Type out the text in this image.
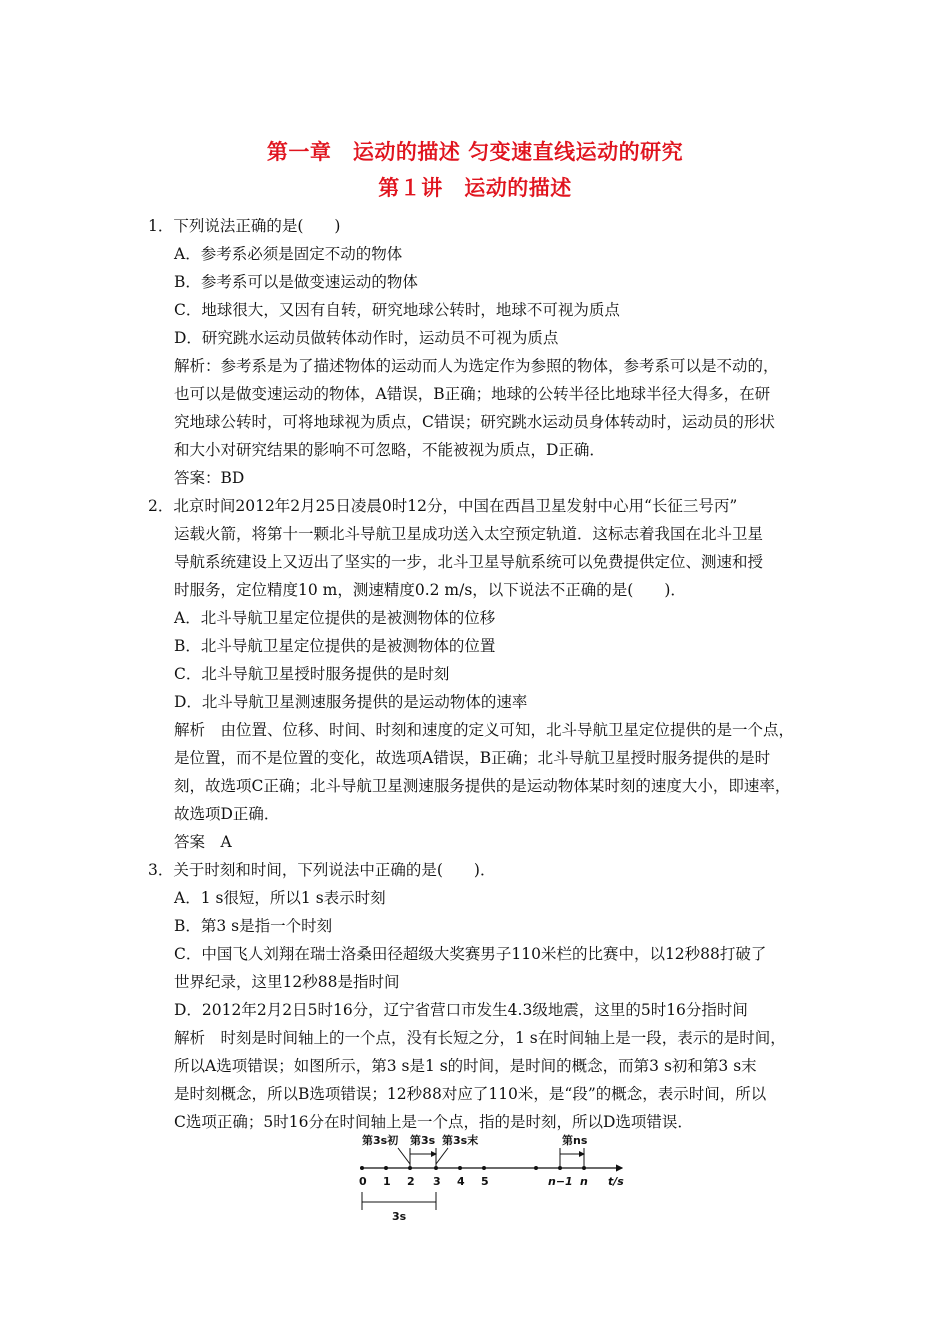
第一章　运动的描述 匀变速直线运动的研究
第１讲　运动的描述
1．下列说法正确的是(　　)
A．参考系必须是固定不动的物体
B．参考系可以是做变速运动的物体
C．地球很大，又因有自转，研究地球公转时，地球不可视为质点
D．研究跳水运动员做转体动作时，运动员不可视为质点
解析：参考系是为了描述物体的运动而人为选定作为参照的物体，参考系可以是不动的，
也可以是做变速运动的物体，A错误，B正确；地球的公转半径比地球半径大得多，在研
究地球公转时，可将地球视为质点，C错误；研究跳水运动员身体转动时，运动员的形状
和大小对研究结果的影响不可忽略，不能被视为质点，D正确．
答案：BD
2．北京时间2012年2月25日凌晨0时12分，中国在西昌卫星发射中心用“长征三号丙”
运载火箭，将第十一颗北斗导航卫星成功送入太空预定轨道．这标志着我国在北斗卫星
导航系统建设上又迈出了坚实的一步，北斗卫星导航系统可以免费提供定位、测速和授
时服务，定位精度10 m，测速精度0.2 m/s，以下说法不正确的是(　　)．
A．北斗导航卫星定位提供的是被测物体的位移
B．北斗导航卫星定位提供的是被测物体的位置
C．北斗导航卫星授时服务提供的是时刻
D．北斗导航卫星测速服务提供的是运动物体的速率
解析　由位置、位移、时间、时刻和速度的定义可知，北斗导航卫星定位提供的是一个点，
是位置，而不是位置的变化，故选项A错误，B正确；北斗导航卫星授时服务提供的是时
刻，故选项C正确；北斗导航卫星测速服务提供的是运动物体某时刻的速度大小，即速率，
故选项D正确．
答案　A
3．关于时刻和时间，下列说法中正确的是(　　)．
A．1 s很短，所以1 s表示时刻
B．第3 s是指一个时刻
C．中国飞人刘翔在瑞士洛桑田径超级大奖赛男子110米栏的比赛中，以12秒88打破了
世界纪录，这里12秒88是指时间
D．2012年2月2日5时16分，辽宁省营口市发生4.3级地震，这里的5时16分指时间
解析　时刻是时间轴上的一个点，没有长短之分，1 s在时间轴上是一段，表示的是时间，
所以A选项错误；如图所示，第3 s是1 s的时间，是时间的概念，而第3 s初和第3 s末
是时刻概念，所以B选项错误；12秒88对应了110米，是“段”的概念，表示时间，所以
C选项正确；5时16分在时间轴上是一个点，指的是时刻，所以D选项错误．
第3s初 第3s 第3s末	第ns
0 1 2 3 4 5	n−1 n t/s
3s
